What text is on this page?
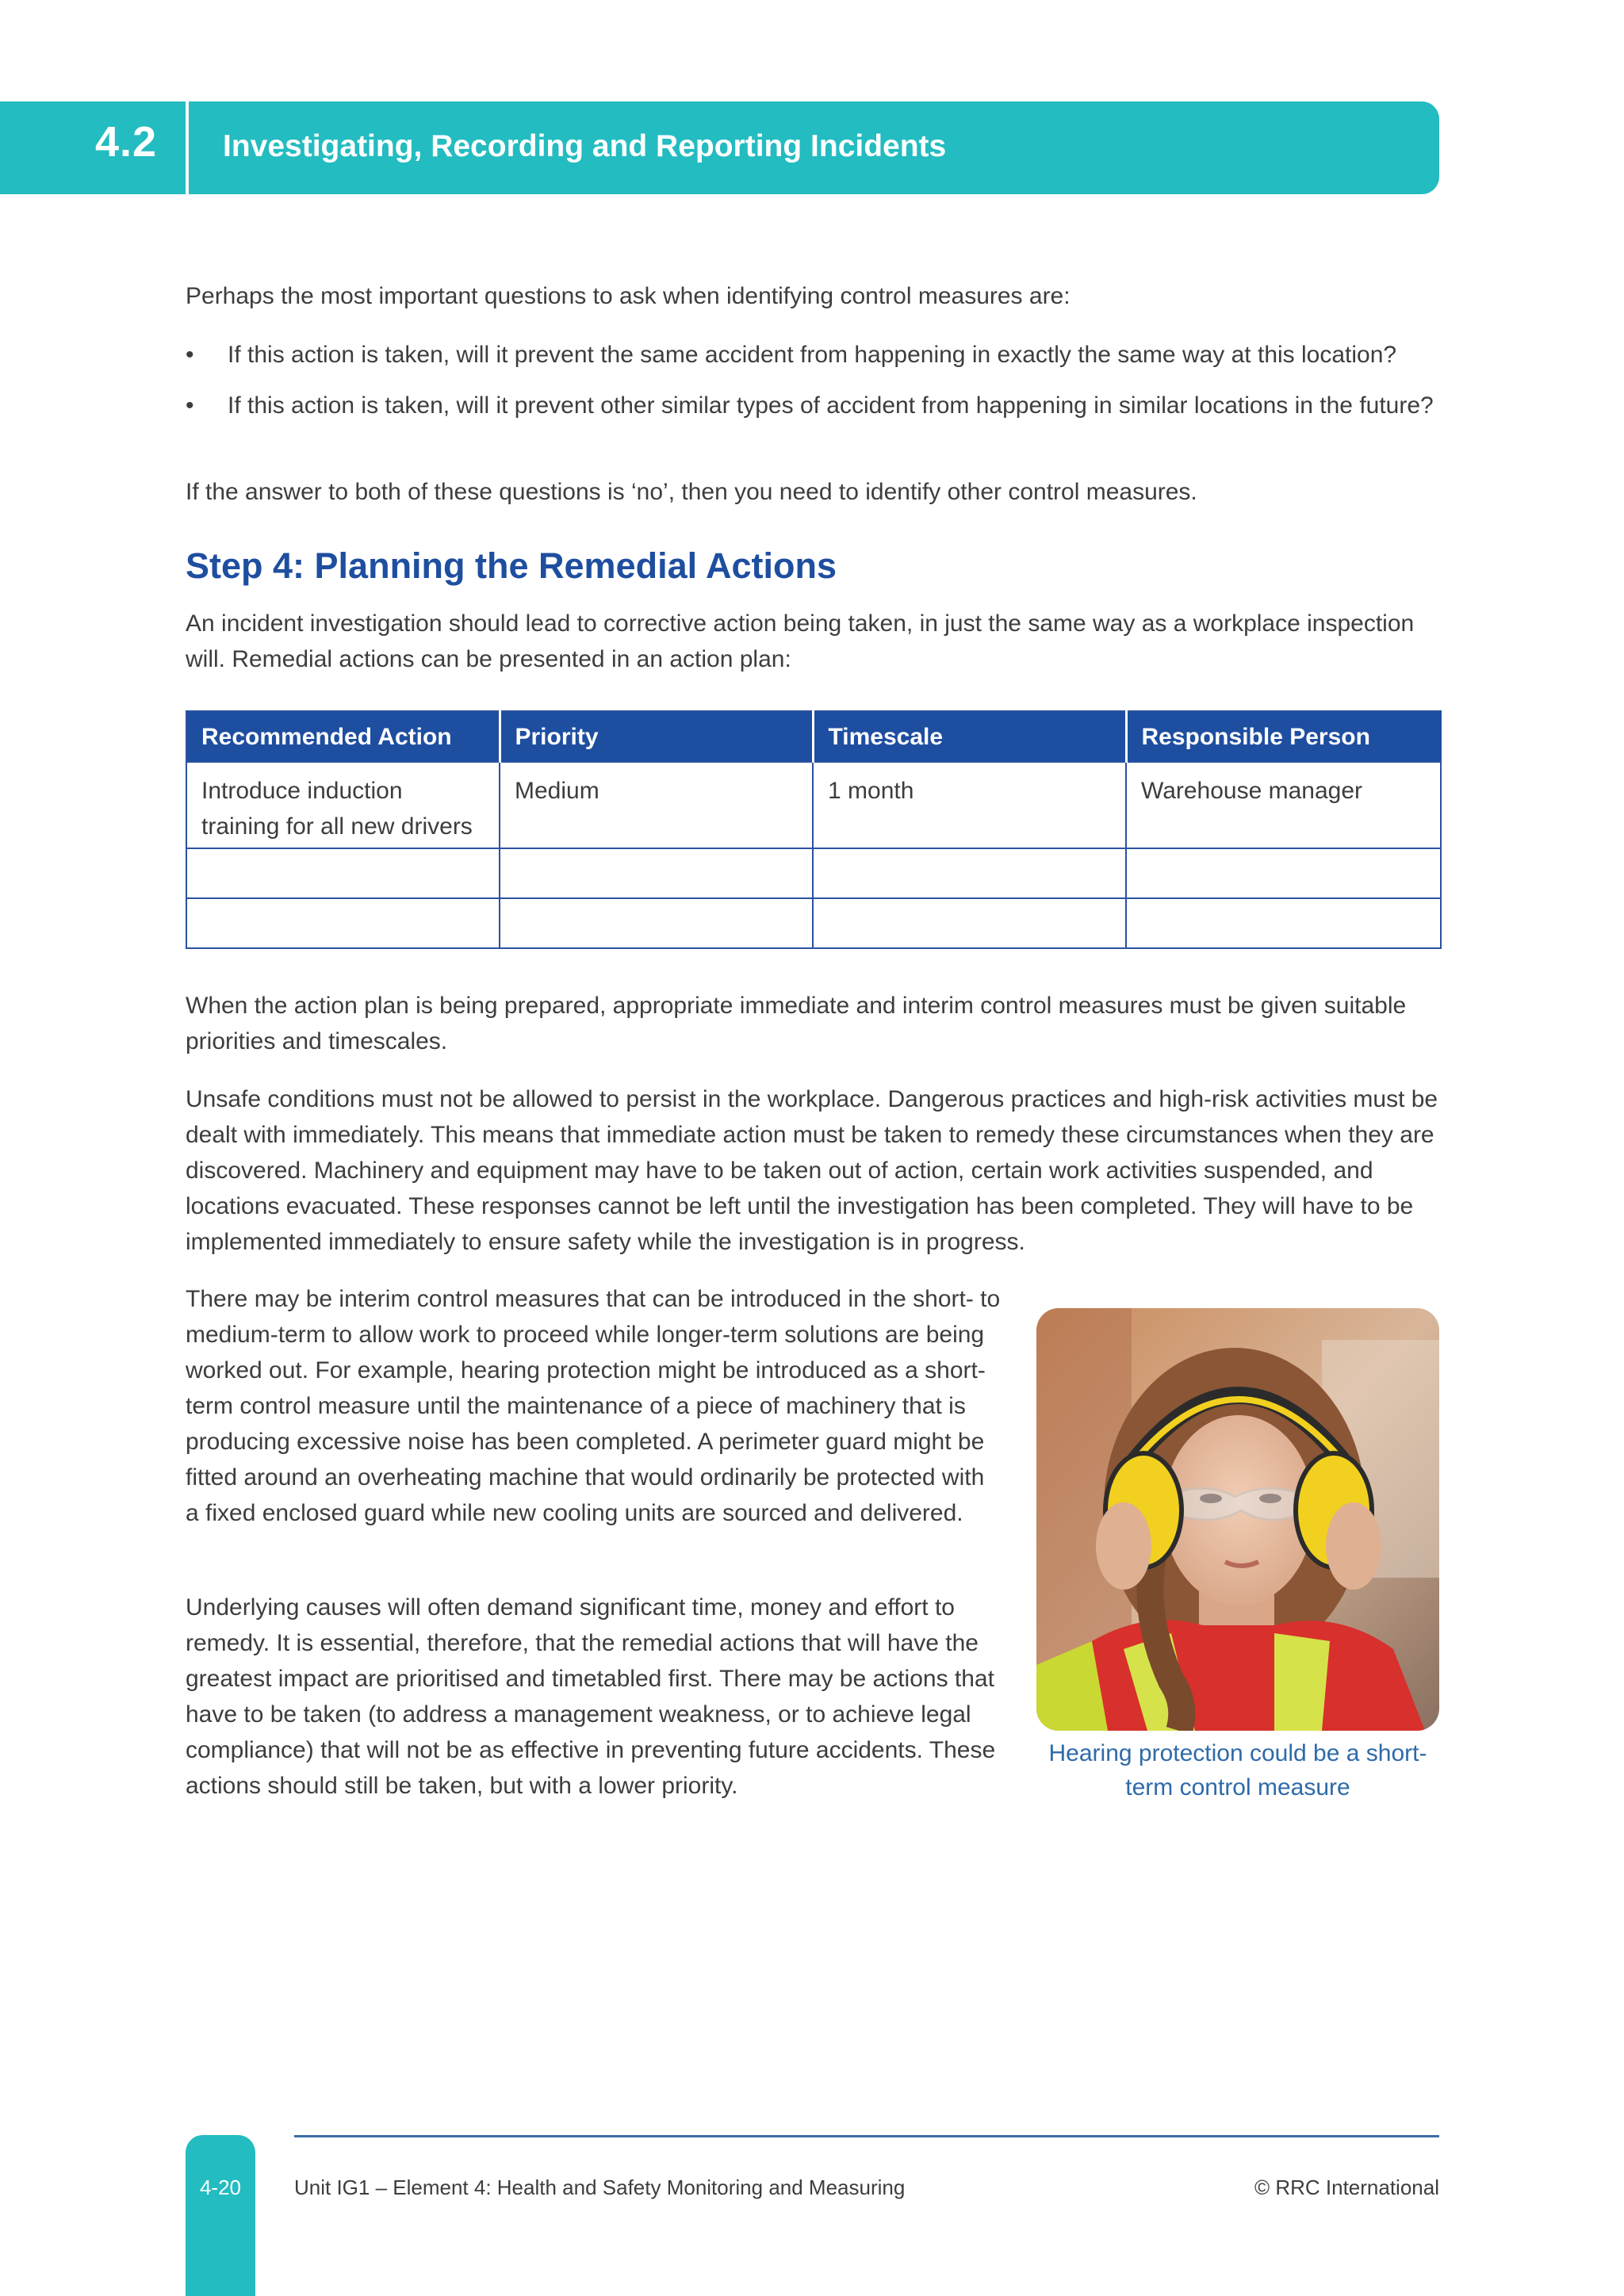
4.2 Investigating, Recording and Reporting Incidents
Perhaps the most important questions to ask when identifying control measures are:
• If this action is taken, will it prevent the same accident from happening in exactly the same way at this location?
• If this action is taken, will it prevent other similar types of accident from happening in similar locations in the future?
If the answer to both of these questions is ‘no’, then you need to identify other control measures.
Step 4: Planning the Remedial Actions
An incident investigation should lead to corrective action being taken, in just the same way as a workplace inspection will. Remedial actions can be presented in an action plan:
Recommended Action	Priority	Timescale	Responsible Person
Introduce induction training for all new drivers	Medium	1 month	Warehouse manager

When the action plan is being prepared, appropriate immediate and interim control measures must be given suitable priorities and timescales.
Unsafe conditions must not be allowed to persist in the workplace. Dangerous practices and high-risk activities must be dealt with immediately. This means that immediate action must be taken to remedy these circumstances when they are discovered. Machinery and equipment may have to be taken out of action, certain work activities suspended, and locations evacuated. These responses cannot be left until the investigation has been completed. They will have to be implemented immediately to ensure safety while the investigation is in progress.
There may be interim control measures that can be introduced in the short- to medium-term to allow work to proceed while longer-term solutions are being worked out. For example, hearing protection might be introduced as a short-term control measure until the maintenance of a piece of machinery that is producing excessive noise has been completed. A perimeter guard might be fitted around an overheating machine that would ordinarily be protected with a fixed enclosed guard while new cooling units are sourced and delivered.
Underlying causes will often demand significant time, money and effort to remedy. It is essential, therefore, that the remedial actions that will have the greatest impact are prioritised and timetabled first. There may be actions that have to be taken (to address a management weakness, or to achieve legal compliance) that will not be as effective in preventing future accidents. These actions should still be taken, but with a lower priority.
Hearing protection could be a short-term control measure
4-20	Unit IG1 – Element 4: Health and Safety Monitoring and Measuring	© RRC International
